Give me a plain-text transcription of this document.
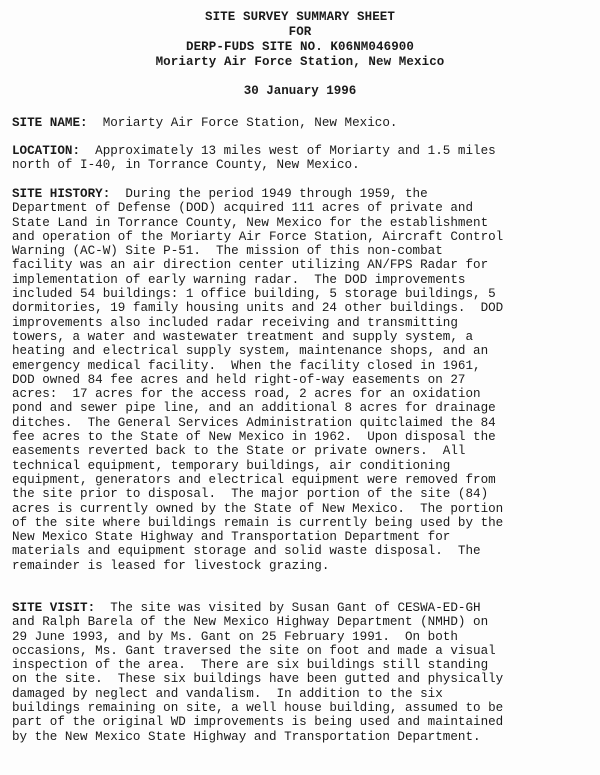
SITE SURVEY SUMMARY SHEET
FOR
DERP-FUDS SITE NO. K06NM046900
Moriarty Air Force Station, New Mexico
30 January 1996
SITE NAME:  Moriarty Air Force Station, New Mexico.
LOCATION:  Approximately 13 miles west of Moriarty and 1.5 miles
north of I-40, in Torrance County, New Mexico.
SITE HISTORY:  During the period 1949 through 1959, the
Department of Defense (DOD) acquired 111 acres of private and
State Land in Torrance County, New Mexico for the establishment
and operation of the Moriarty Air Force Station, Aircraft Control
Warning (AC-W) Site P-51.  The mission of this non-combat
facility was an air direction center utilizing AN/FPS Radar for
implementation of early warning radar.  The DOD improvements
included 54 buildings: 1 office building, 5 storage buildings, 5
dormitories, 19 family housing units and 24 other buildings.  DOD
improvements also included radar receiving and transmitting
towers, a water and wastewater treatment and supply system, a
heating and electrical supply system, maintenance shops, and an
emergency medical facility.  When the facility closed in 1961,
DOD owned 84 fee acres and held right-of-way easements on 27
acres:  17 acres for the access road, 2 acres for an oxidation
pond and sewer pipe line, and an additional 8 acres for drainage
ditches.  The General Services Administration quitclaimed the 84
fee acres to the State of New Mexico in 1962.  Upon disposal the
easements reverted back to the State or private owners.  All
technical equipment, temporary buildings, air conditioning
equipment, generators and electrical equipment were removed from
the site prior to disposal.  The major portion of the site (84)
acres is currently owned by the State of New Mexico.  The portion
of the site where buildings remain is currently being used by the
New Mexico State Highway and Transportation Department for
materials and equipment storage and solid waste disposal.  The
remainder is leased for livestock grazing.
SITE VISIT:  The site was visited by Susan Gant of CESWA-ED-GH
and Ralph Barela of the New Mexico Highway Department (NMHD) on
29 June 1993, and by Ms. Gant on 25 February 1991.  On both
occasions, Ms. Gant traversed the site on foot and made a visual
inspection of the area.  There are six buildings still standing
on the site.  These six buildings have been gutted and physically
damaged by neglect and vandalism.  In addition to the six
buildings remaining on site, a well house building, assumed to be
part of the original WD improvements is being used and maintained
by the New Mexico State Highway and Transportation Department.
